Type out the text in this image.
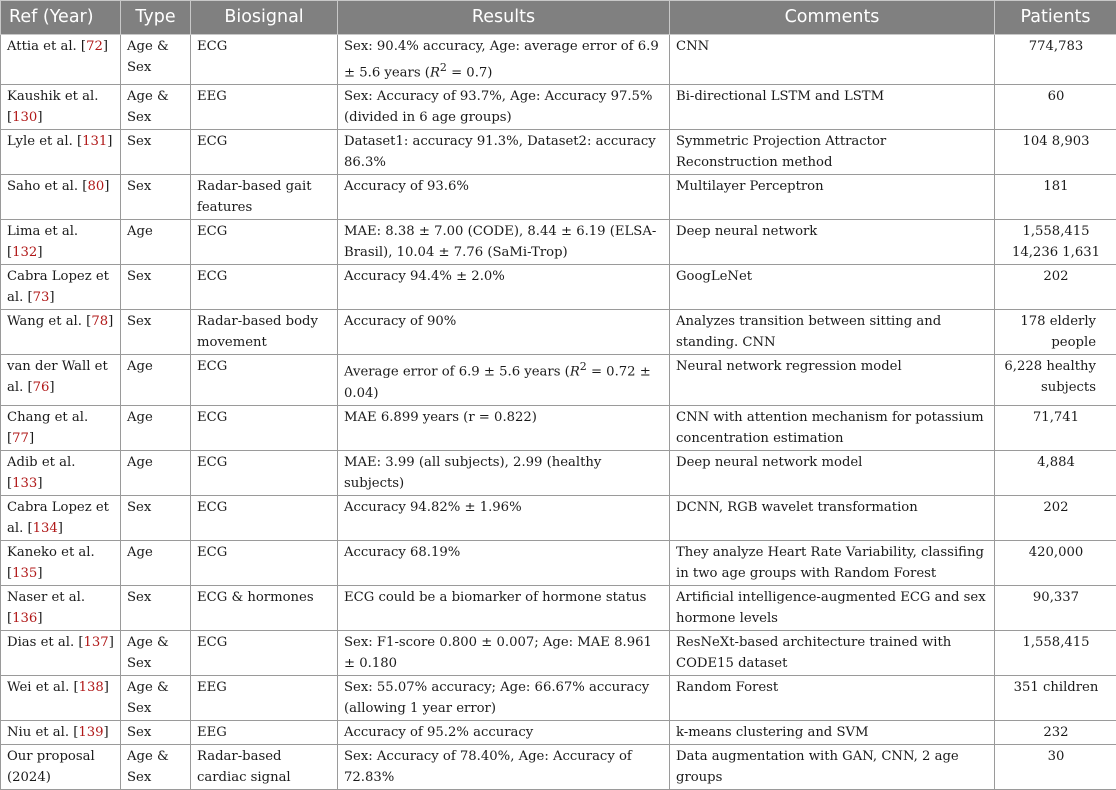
Ref (Year)	Type	Biosignal	Results	Comments	Patients
Attia et al. [72]	Age & Sex	ECG	Sex: 90.4% accuracy, Age: average error of 6.9 ± 5.6 years $(R^2 = 0.7)$	CNN	774,783
Kaushik et al. [130]	Age & Sex	EEG	Sex: Accuracy of 93.7%, Age: Accuracy 97.5% (divided in 6 age groups)	Bi-directional LSTM and LSTM	60
Lyle et al. [131]	Sex	ECG	Dataset1: accuracy 91.3%, Dataset2: accuracy 86.3%	Symmetric Projection Attractor Reconstruction method	104 8,903
Saho et al. [80]	Sex	Radar-based gait features	Accuracy of 93.6%	Multilayer Perceptron	181
Lima et al. [132]	Age	ECG	MAE: 8.38 ± 7.00 (CODE), 8.44 ± 6.19 (ELSA-Brasil), 10.04 ± 7.76 (SaMi-Trop)	Deep neural network	1,558,415 14,236 1,631
Cabra Lopez et al. [73]	Sex	ECG	Accuracy 94.4% ± 2.0%	GoogLeNet	202
Wang et al. [78]	Sex	Radar-based body movement	Accuracy of 90%	Analyzes transition between sitting and standing. CNN	178 elderly people
van der Wall et al. [76]	Age	ECG	Average error of 6.9 ± 5.6 years $(R^2 = 0.72 \pm 0.04)$	Neural network regression model	6,228 healthy subjects
Chang et al. [77]	Age	ECG	MAE 6.899 years (r = 0.822)	CNN with attention mechanism for potassium concentration estimation	71,741
Adib et al. [133]	Age	ECG	MAE: 3.99 (all subjects), 2.99 (healthy subjects)	Deep neural network model	4,884
Cabra Lopez et al. [134]	Sex	ECG	Accuracy 94.82% ± 1.96%	DCNN, RGB wavelet transformation	202
Kaneko et al. [135]	Age	ECG	Accuracy 68.19%	They analyze Heart Rate Variability, classifing in two age groups with Random Forest	420,000
Naser et al. [136]	Sex	ECG & hormones	ECG could be a biomarker of hormone status	Artificial intelligence-augmented ECG and sex hormone levels	90,337
Dias et al. [137]	Age & Sex	ECG	Sex: F1-score 0.800 ± 0.007; Age: MAE 8.961 ± 0.180	ResNeXt-based architecture trained with CODE15 dataset	1,558,415
Wei et al. [138]	Age & Sex	EEG	Sex: 55.07% accuracy; Age: 66.67% accuracy (allowing 1 year error)	Random Forest	351 children
Niu et al. [139]	Sex	EEG	Accuracy of 95.2% accuracy	k-means clustering and SVM	232
Our proposal (2024)	Age & Sex	Radar-based cardiac signal	Sex: Accuracy of 78.40%, Age: Accuracy of 72.83%	Data augmentation with GAN, CNN, 2 age groups	30
